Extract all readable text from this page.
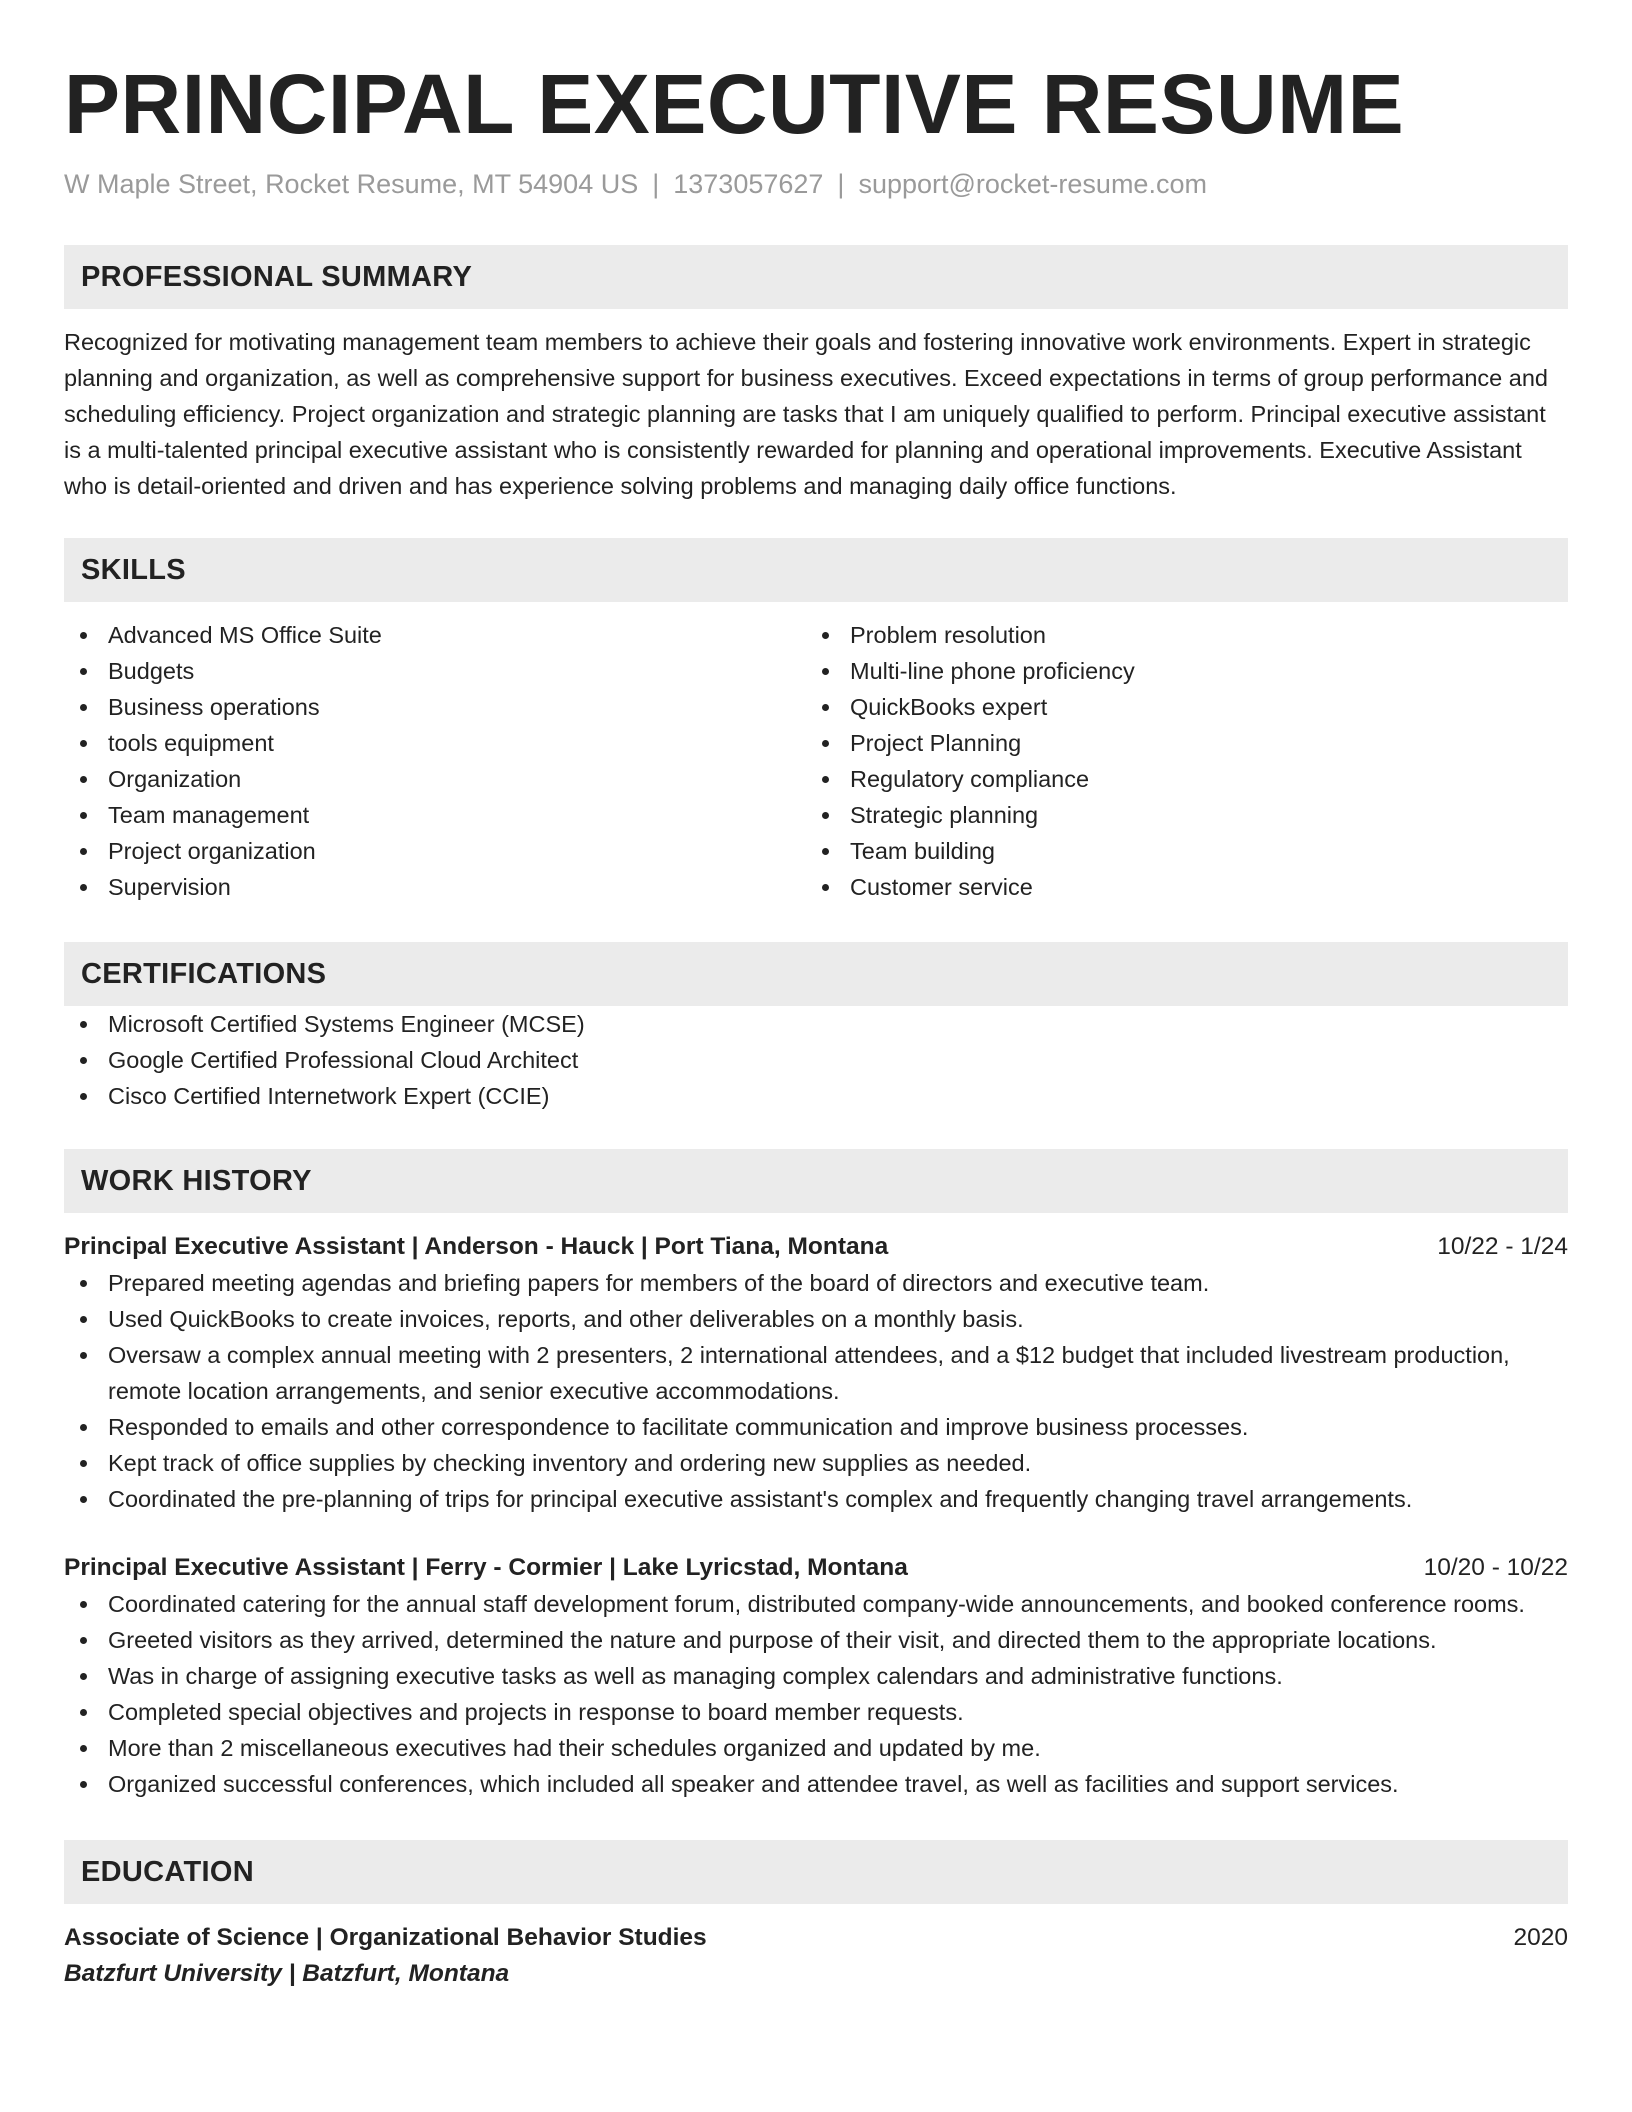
PRINCIPAL EXECUTIVE RESUME
W Maple Street, Rocket Resume, MT 54904 US | 1373057627 | support@rocket-resume.com
PROFESSIONAL SUMMARY
Recognized for motivating management team members to achieve their goals and fostering innovative work environments. Expert in strategic planning and organization, as well as comprehensive support for business executives. Exceed expectations in terms of group performance and scheduling efficiency. Project organization and strategic planning are tasks that I am uniquely qualified to perform. Principal executive assistant is a multi-talented principal executive assistant who is consistently rewarded for planning and operational improvements. Executive Assistant who is detail-oriented and driven and has experience solving problems and managing daily office functions.
SKILLS
Advanced MS Office Suite
Budgets
Business operations
tools equipment
Organization
Team management
Project organization
Supervision
Problem resolution
Multi-line phone proficiency
QuickBooks expert
Project Planning
Regulatory compliance
Strategic planning
Team building
Customer service
CERTIFICATIONS
Microsoft Certified Systems Engineer (MCSE)
Google Certified Professional Cloud Architect
Cisco Certified Internetwork Expert (CCIE)
WORK HISTORY
Principal Executive Assistant | Anderson - Hauck | Port Tiana, Montana	10/22 - 1/24
Prepared meeting agendas and briefing papers for members of the board of directors and executive team.
Used QuickBooks to create invoices, reports, and other deliverables on a monthly basis.
Oversaw a complex annual meeting with 2 presenters, 2 international attendees, and a $12 budget that included livestream production, remote location arrangements, and senior executive accommodations.
Responded to emails and other correspondence to facilitate communication and improve business processes.
Kept track of office supplies by checking inventory and ordering new supplies as needed.
Coordinated the pre-planning of trips for principal executive assistant's complex and frequently changing travel arrangements.
Principal Executive Assistant | Ferry - Cormier | Lake Lyricstad, Montana	10/20 - 10/22
Coordinated catering for the annual staff development forum, distributed company-wide announcements, and booked conference rooms.
Greeted visitors as they arrived, determined the nature and purpose of their visit, and directed them to the appropriate locations.
Was in charge of assigning executive tasks as well as managing complex calendars and administrative functions.
Completed special objectives and projects in response to board member requests.
More than 2 miscellaneous executives had their schedules organized and updated by me.
Organized successful conferences, which included all speaker and attendee travel, as well as facilities and support services.
EDUCATION
Associate of Science | Organizational Behavior Studies	2020
Batzfurt University | Batzfurt, Montana
